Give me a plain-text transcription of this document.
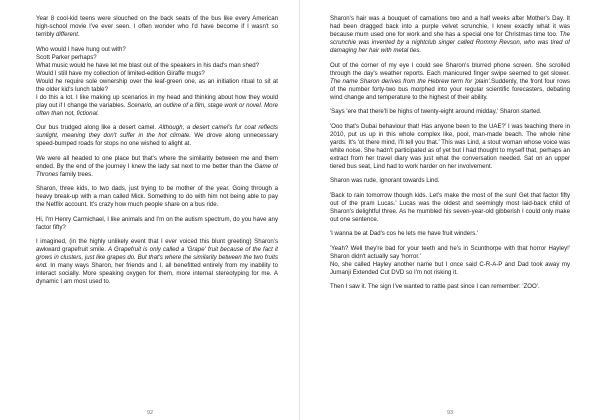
Year 8 cool-kid teens were slouched on the back seats of the bus like every American high-school movie I've ever seen. I often wonder who I'd have become if I wasn't so terribly different.

Who would I have hung out with?
Scott Parker perhaps?
What music would he have let me blast out of the speakers in his dad's man shed?
Would I still have my collection of limited-edition Giraffe mugs?
Would he require sole ownership over the leaf-green one, as an initiation ritual to sit at the older kid's lunch table?
I do this a lot. I like making up scenarios in my head and thinking about how they would play out if I change the variables. Scenario, an outline of a film, stage work or novel. More often than not, fictional.

Our bus trudged along like a desert camel. Although, a desert camel's fur coat reflects sunlight, meaning they don't suffer in the hot climate. We drove along unnecessary speed-bumped roads for stops no one wished to alight at.

We were all headed to one place but that's where the similarity between me and them ended. By the end of the journey I knew the lady sat next to me better than the Game of Thrones family trees.

Sharon, three kids, to two dads, just trying to be mother of the year. Going through a heavy break-up with a man called Mick. Something to do with him not being able to pay the Netflix account. It's crazy how much people share on a bus ride.

Hi, I'm Henry Carmichael, I like animals and I'm on the autism spectrum, do you have any factor fifty?

I imagined, (in the highly unlikely event that I ever voiced this blunt greeting) Sharon's awkward grapefruit smile. A Grapefruit is only called a 'Grape' fruit because of the fact it grows in clusters, just like grapes do. But that's where the similarity between the two fruits end. In many ways Sharon, her friends and I, all benefitted entirely from my inability to interact socially. More speaking oxygen for them, more internal stereotyping for me. A dynamic I am most used to.

92

Sharon's hair was a bouquet of carnations two and a half weeks after Mother's Day. It had been dragged back into a purple velvet scrunchie, I knew exactly what it was because mum used one for work and she has a special one for Christmas time too. The scrunchie was invented by a nightclub singer called Rommy Revson, who was tired of damaging her hair with metal ties.

Out of the corner of my eye I could see Sharon's blurred phone screen. She scrolled through the day's weather reports. Each manicured finger swipe seemed to get slower. The name Sharon derives from the Hebrew term for 'plain'.Suddenly, the front four rows of the number forty-two bus morphed into your regular scientific forecasters, debating wind change and temperature to the highest of their ability.

'Says 'ere that there'll be highs of twenty-eight around midday,' Sharon started.

'Ooo that's Dubai behaviour that! Has anyone been to the UAE?' I was teaching there in 2010, put us up in this whole complex like, pool, man-made beach. The whole nine yards. It's 'ot there mind, I'll tell you that.' This was Lind, a stout woman whose voice was white noise. She hadn't participated as of yet but I had thought to myself that, perhaps an extract from her travel diary was just what the conversation needed. Sat on an upper tiered bus seat, Lind had to work harder on her involvement.

Sharon was rude, ignorant towards Lind.

'Back to rain tomorrow though kids. Let's make the most of the sun! Get that factor fifty out of the pram Lucas.' Lucas was the oldest and seemingly most laid-back child of Sharon's delightful three. As he mumbled his seven-year-old gibberish I could only make out one sentence.

'I wanna be at Dad's cos he lets me have fruit winders.'

'Yeah? Well they're bad for your teeth and he's in Scunthorpe with that horror Hayley!' Sharon didn't actually say 'horror.'
No, she called Hayley another name but I once said C-R-A-P and Dad took away my Jumanji Extended Cut DVD so I'm not risking it.

Then I saw it. The sign I've wanted to rattle past since I can remember: 'ZOO'.

93
